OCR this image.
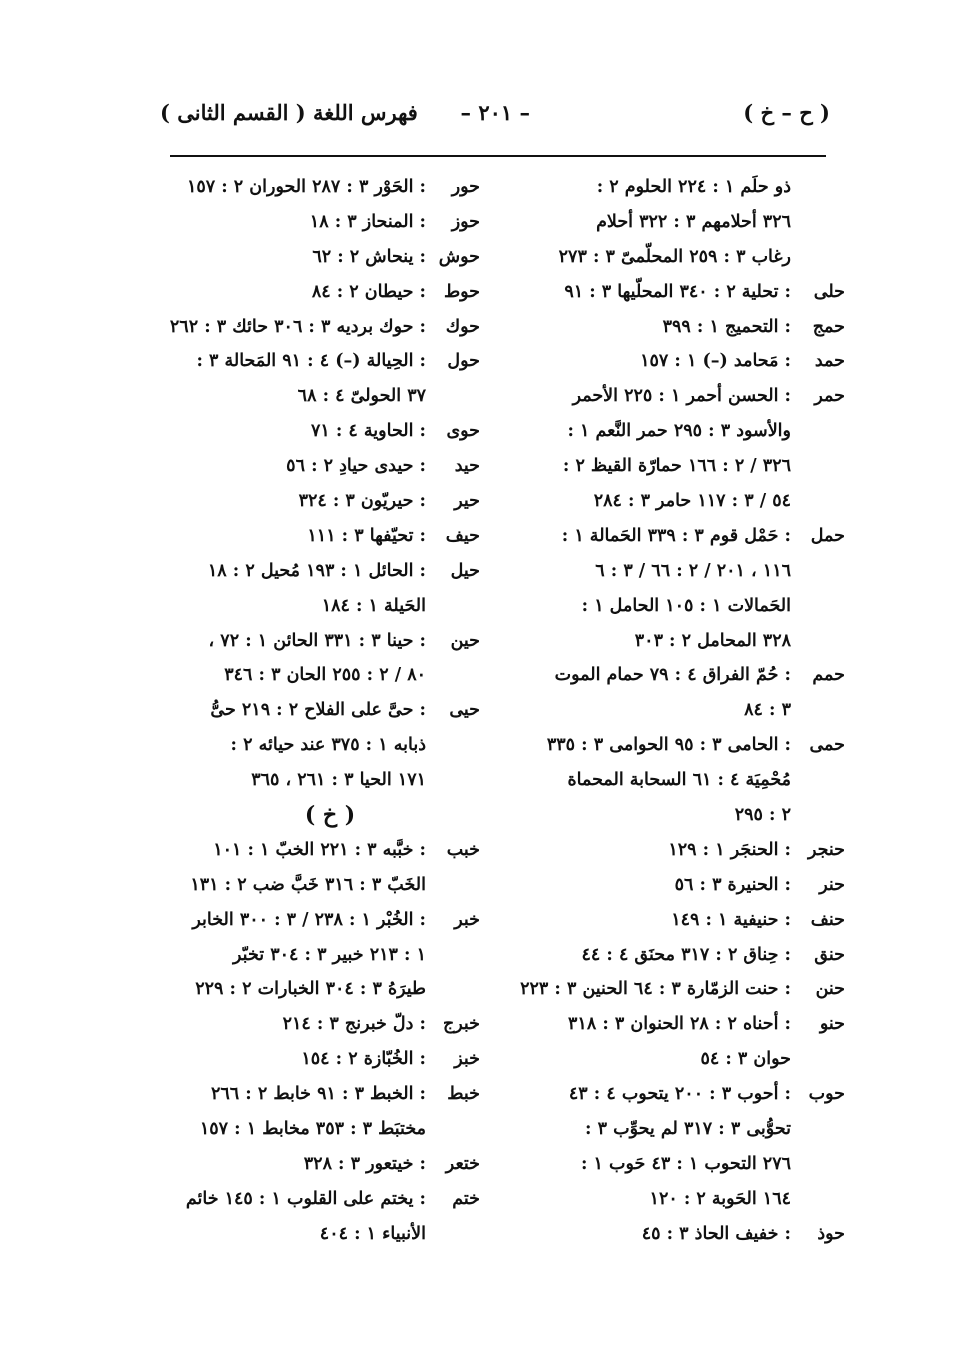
( ح – خ )
– ٢٠١ –
فهرس اللغة ( القسم الثانى )
ذو حلَم ١ : ٢٢٤ الحلوم ٢ :
٣٢٦ أحلامهم ٣ : ٣٢٢ أحلام
رغاب ٣ : ٢٥٩ المحلّمىّ ٣ : ٢٧٣
حلى
: تحلية ٢ : ٣٤٠ المحلّيها ٣ : ٩١
حمج
: التحميج ١ : ٣٩٩
حمد
: مَحامد (–) ١ : ١٥٧
حمر
: الحسن أحمر ١ : ٢٢٥ الأحمر
والأسود ٣ : ٢٩٥ حمر النَّعم ١ :
٣٢٦ / ٢ : ١٦٦ حمارّة القيظ ٢ :
٥٤ / ٣ : ١١٧ حامر ٣ : ٢٨٤
حمل
: حَمْل قوم ٣ : ٣٣٩ الحَمالة ١ :
١١٦ ، ٢٠١ / ٢ : ٦٦ / ٣ : ٦
الحَمالات ١ : ١٠٥ الحامل ١ :
٣٢٨ المحامل ٢ : ٣٠٣
حمم
: حُمّ الفراق ٤ : ٧٩ حمام الموت
٣ : ٨٤
حمى
: الحامى ٣ : ٩٥ الحوامى ٣ : ٣٣٥
مُحْمِيَة ٤ : ٦١ السحابة المحماة
٢ : ٢٩٥
حنجر
: الحنجَر ١ : ١٢٩
حنر
: الحنيرة ٣ : ٥٦
حنف
: حنيفية ١ : ١٤٩
حنق
: حِناق ٢ : ٣١٧ محنَق ٤ : ٤٤
حنن
: حنت الزمّارة ٣ : ٦٤ الحنين ٣ : ٢٢٣
حنو
: أحناه ٢ : ٢٨ الحنوان ٣ : ٣١٨
حوان ٣ : ٥٤
حوب
: أحوب ٣ : ٢٠٠ يتحوب ٤ : ٤٣
تحوُّبى ٣ : ٣١٧ لم يحوِّب ٣ :
٢٧٦ التحوب ١ : ٤٣ حَوب ١ :
١٦٤ الحَوبة ٢ : ١٢٠
حوذ
: خفيف الحاذ ٣ : ٤٥
حور
: الحَوْر ٣ : ٢٨٧ الحوران ٢ : ١٥٧
حوز
: المنحاز ٣ : ١٨
حوش
: ينحاش ٢ : ٦٢
حوط
: حيطان ٢ : ٨٤
حوك
: حوك برديه ٣ : ٣٠٦ حائك ٣ : ٢٦٢
حول
: الحِيالة (–) ٤ : ٩١ المَحالة ٣ :
٣٧ الحولىّ ٤ : ٦٨
حوى
: الحاوية ٤ : ٧١
حيد
: حيدى حيادِ ٢ : ٥٦
حير
: حيريّون ٣ : ٣٢٤
حيف
: تحيّفها ٣ : ١١١
حيل
: الحائل ١ : ١٩٣ مُحيل ٢ : ١٨
الحَيلة ١ : ١٨٤
حين
: حينا ٣ : ٣٣١ الحائن ١ : ٧٢ ،
٨٠ / ٢ : ٢٥٥ الحان ٣ : ٣٤٦
حيى
: حىَّ على الفلاح ٢ : ٢١٩ حىُّ
ذبابه ١ : ٣٧٥ عند حيائه ٢ :
١٧١ الحيا ٣ : ٢٦١ ، ٣٦٥
( خ )
خبب
: خبَّبه ٣ : ٢٢١ الخبّ ١ : ١٠١
الخَبّ ٣ : ٣١٦ خَبَّ ضب ٢ : ١٣١
خبر
: الخُبْر ١ : ٢٣٨ / ٣ : ٣٠٠ الخابر
١ : ٢١٣ خبير ٣ : ٣٠٤ تخبّر
طيرَهُ ٣ : ٣٠٤ الخبارات ٢ : ٢٢٩
خبرج
: دلّ خبرنج ٣ : ٢١٤
خبز
: الخُبّازة ٢ : ١٥٤
خبط
: الخبط ٣ : ٩١ خابط ٢ : ٢٦٦
مختبَط ٣ : ٣٥٣ مخابط ١ : ١٥٧
ختعر
: خيتعور ٣ : ٣٢٨
ختم
: يختم على القلوب ١ : ١٤٥ خائم
الأنبياء ١ : ٤٠٤
